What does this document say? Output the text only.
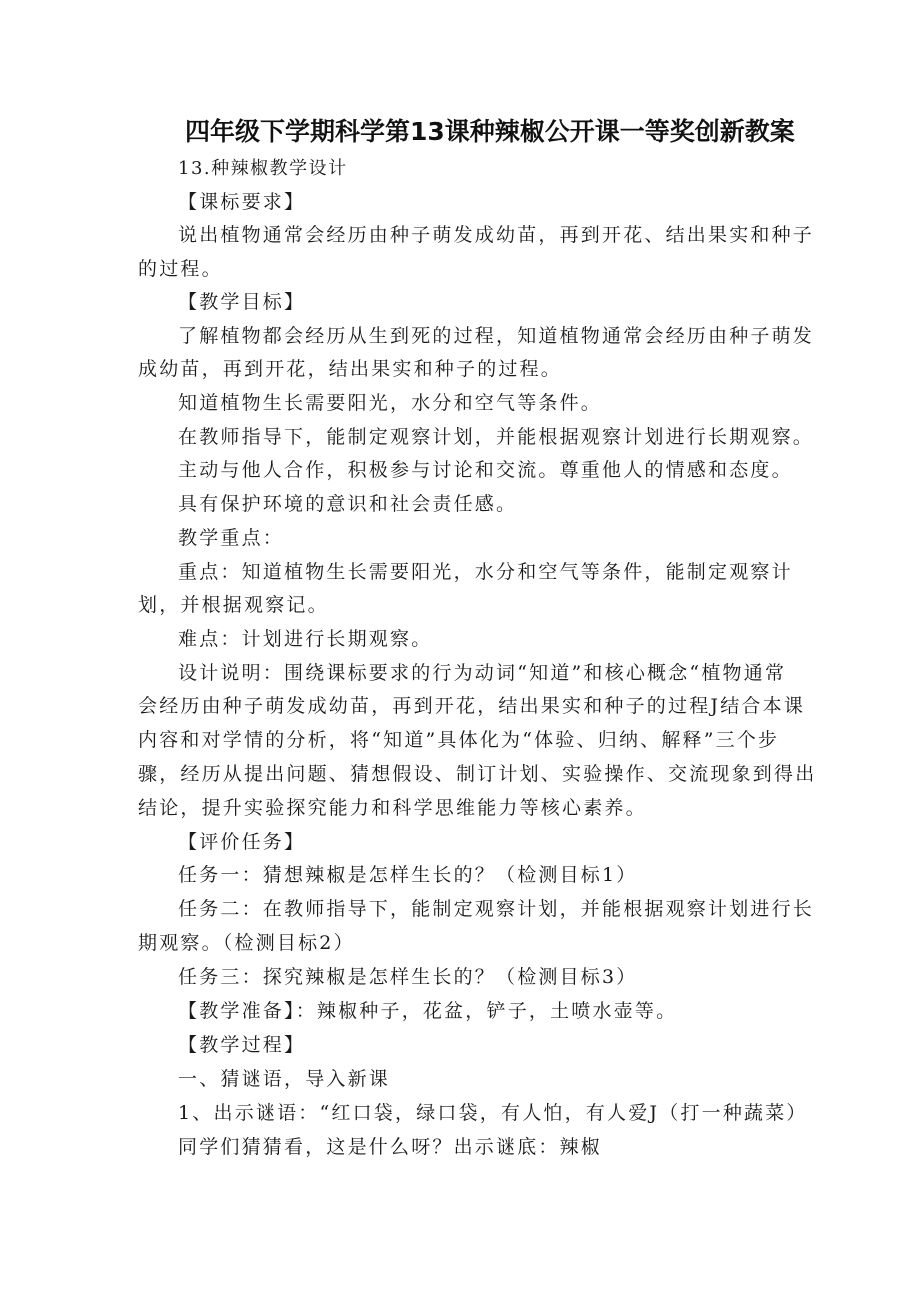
四年级下学期科学第13课种辣椒公开课一等奖创新教案
13.种辣椒教学设计
【课标要求】
说出植物通常会经历由种子萌发成幼苗，再到开花、结出果实和种子
的过程。
【教学目标】
了解植物都会经历从生到死的过程，知道植物通常会经历由种子萌发
成幼苗，再到开花，结出果实和种子的过程。
知道植物生长需要阳光，水分和空气等条件。
在教师指导下，能制定观察计划，并能根据观察计划进行长期观察。
主动与他人合作，积极参与讨论和交流。尊重他人的情感和态度。
具有保护环境的意识和社会责任感。
教学重点：
重点：知道植物生长需要阳光，水分和空气等条件，能制定观察计
划，并根据观察记。
难点：计划进行长期观察。
设计说明：围绕课标要求的行为动词“知道”和核心概念“植物通常
会经历由种子萌发成幼苗，再到开花，结出果实和种子的过程J结合本课
内容和对学情的分析，将“知道”具体化为“体验、归纳、解释”三个步
骤，经历从提出问题、猜想假设、制订计划、实验操作、交流现象到得出
结论，提升实验探究能力和科学思维能力等核心素养。
【评价任务】
任务一：猜想辣椒是怎样生长的？（检测目标1）
任务二：在教师指导下，能制定观察计划，并能根据观察计划进行长
期观察。（检测目标2）
任务三：探究辣椒是怎样生长的？（检测目标3）
【教学准备】：辣椒种子，花盆，铲子，土喷水壶等。
【教学过程】
一、猜谜语，导入新课
1、出示谜语：“红口袋，绿口袋，有人怕，有人爱J（打一种蔬菜）
同学们猜猜看，这是什么呀？出示谜底：辣椒
